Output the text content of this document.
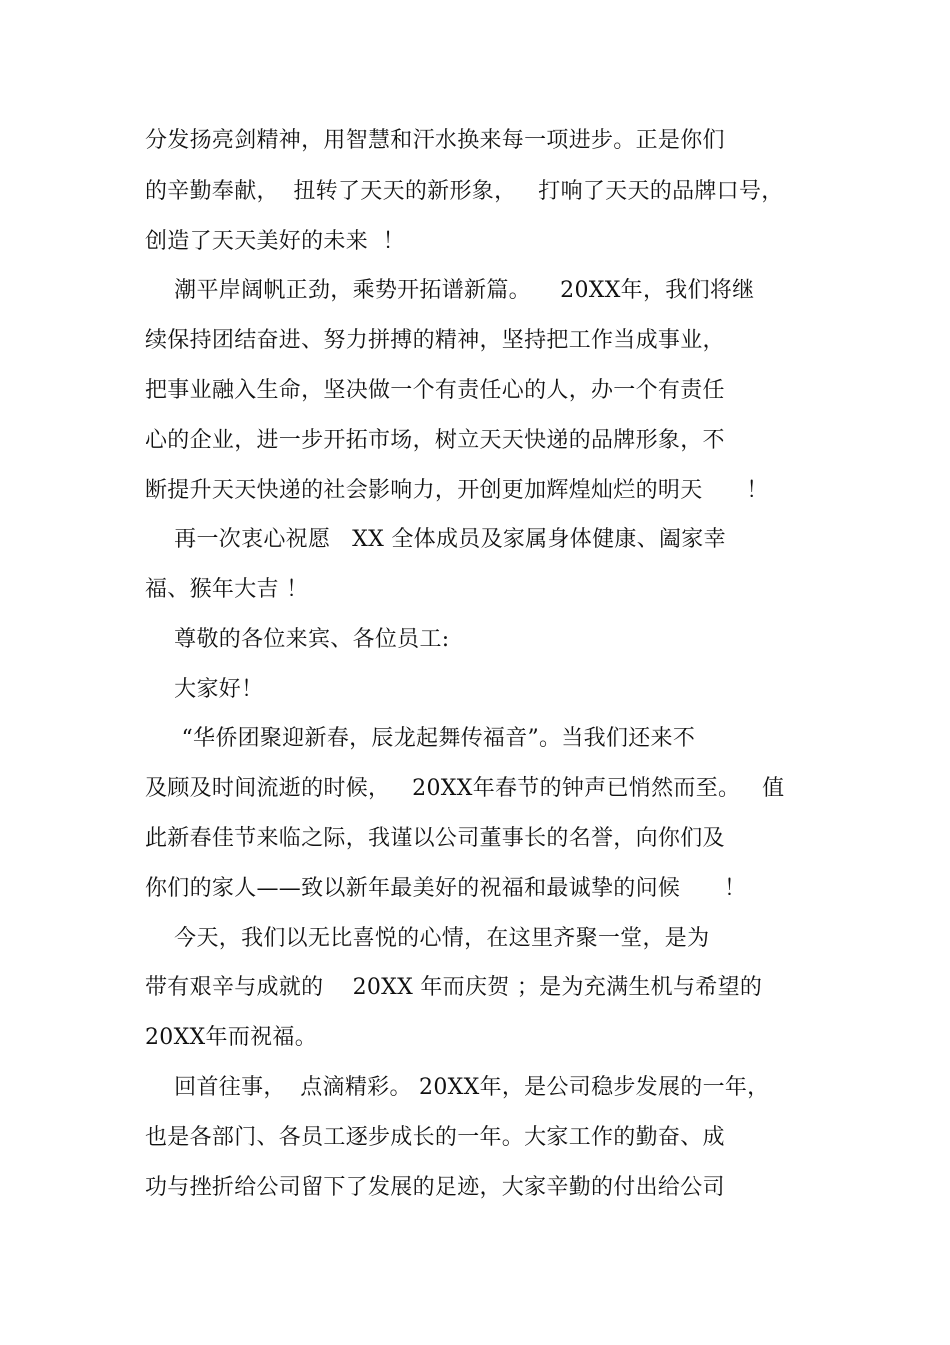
分发扬亮剑精神，用智慧和汗水换来每一项进步。正是你们
的辛勤奉献，  扭转了天天的新形象，   打响了天天的品牌口号，
创造了天天美好的未来  ！
潮平岸阔帆正劲，乘势开拓谱新篇。    20XX年，我们将继
续保持团结奋进、努力拼搏的精神，坚持把工作当成事业，
把事业融入生命，坚决做一个有责任心的人，办一个有责任
心的企业，进一步开拓市场，树立天天快递的品牌形象，不
断提升天天快递的社会影响力，开创更加辉煌灿烂的明天      ！
再一次衷心祝愿   XX 全体成员及家属身体健康、阖家幸
福、猴年大吉 ！
尊敬的各位来宾、各位员工:
大家好！
“华侨团聚迎新春，辰龙起舞传福音”。当我们还来不
及顾及时间流逝的时候，   20XX年春节的钟声已悄然而至。   值
此新春佳节来临之际，我谨以公司董事长的名誉，向你们及
你们的家人——致以新年最美好的祝福和最诚挚的问候      ！
今天，我们以无比喜悦的心情，在这里齐聚一堂，是为
带有艰辛与成就的    20XX 年而庆贺 ；是为充满生机与希望的
20XX年而祝福。
回首往事，  点滴精彩。 20XX年，是公司稳步发展的一年，
也是各部门、各员工逐步成长的一年。大家工作的勤奋、成
功与挫折给公司留下了发展的足迹，大家辛勤的付出给公司
